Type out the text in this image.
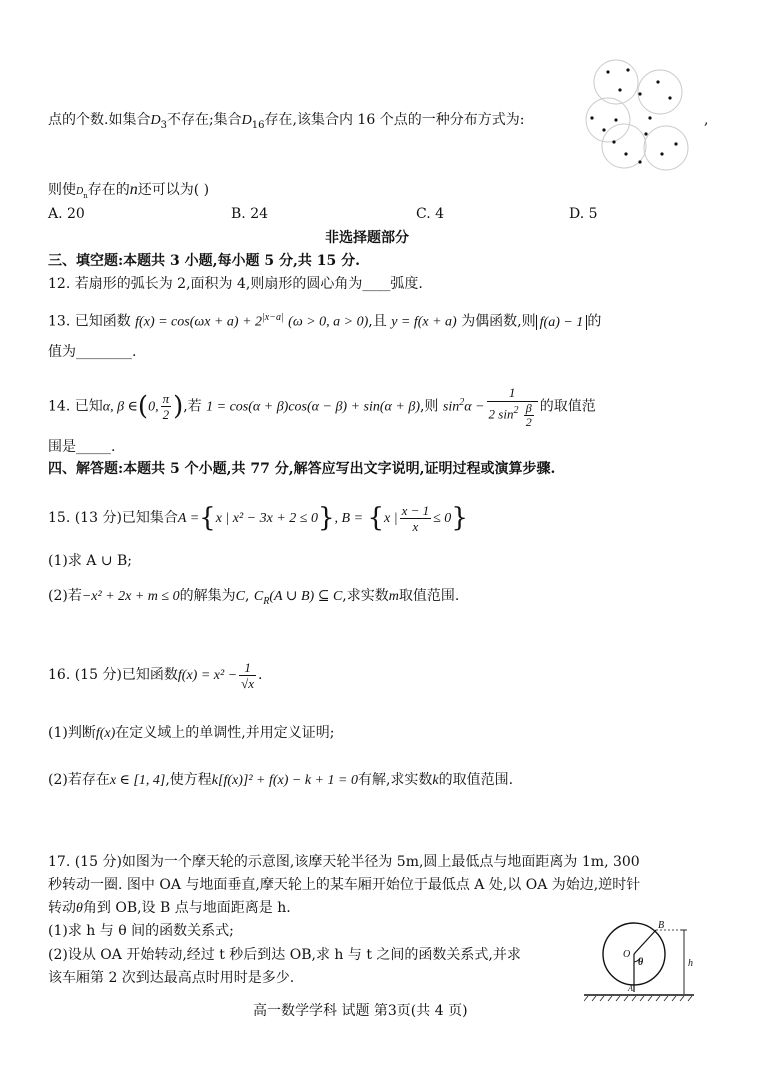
点的个数.如集合$D_3$不存在;集合$D_{16}$存在,该集合内 16 个点的一种分布方式为:	,
则使$D_n$存在的n还可以为( )
A. 20	B. 24	C. 4	D. 5
非选择题部分
三、填空题:本题共 3 小题,每小题 5 分,共 15 分.
12. 若扇形的弧长为 2,面积为 4,则扇形的圆心角为____弧度.
13. 已知函数 $f(x) = \cos(\omega x + a) + 2^{|x-a|}$ (ω > 0, a > 0),且 y = f(x + a) 为偶函数,则 f(a) − 1 的
值为________.
14. 已知α, β ∈(0, $\frac{\pi}{2}$ ),若 1 = cos(α + β)cos(α − β) + sin(α + β),则 $\sin^2\alpha - \frac{1}{2 \sin^2 \frac{\beta}{2}}$ 的取值范
围是_____.
四、解答题:本题共 5 个小题,共 77 分,解答应写出文字说明,证明过程或演算步骤.
15. (13 分)已知集合A ={x | x² − 3x + 2 ≤ 0}, B = {x | $\frac{x - 1}{x} \le 0$}
(1)求 A ∪ B;
(2)若−x² + 2x + m ≤ 0的解集为C, $C_R(A$ ∪ B) ⊆ C,求实数m取值范围.
16. (15 分)已知函数$f(x) = x^2 - \frac{1}{√x}$ .
(1)判断f(x)在定义域上的单调性,并用定义证明;
(2)若存在x ∈ [1, 4],使方程k[f(x)]² + f(x) − k + 1 = 0有解,求实数k的取值范围.
17. (15 分)如图为一个摩天轮的示意图,该摩天轮半径为 5m,圆上最低点与地面距离为 1m, 300
秒转动一圈. 图中 OA 与地面垂直,摩天轮上的某车厢开始位于最低点 A 处,以 OA 为始边,逆时针
转动θ角到 OB,设 B 点与地面距离是 h.
(1)求 h 与 θ 间的函数关系式;
(2)设从 OA 开始转动,经过 t 秒后到达 OB,求 h 与 t 之间的函数关系式,并求
该车厢第 2 次到达最高点时用时是多少.
B
O
θ	h
A
高一数学学科 试题 第3页(共 4 页)
